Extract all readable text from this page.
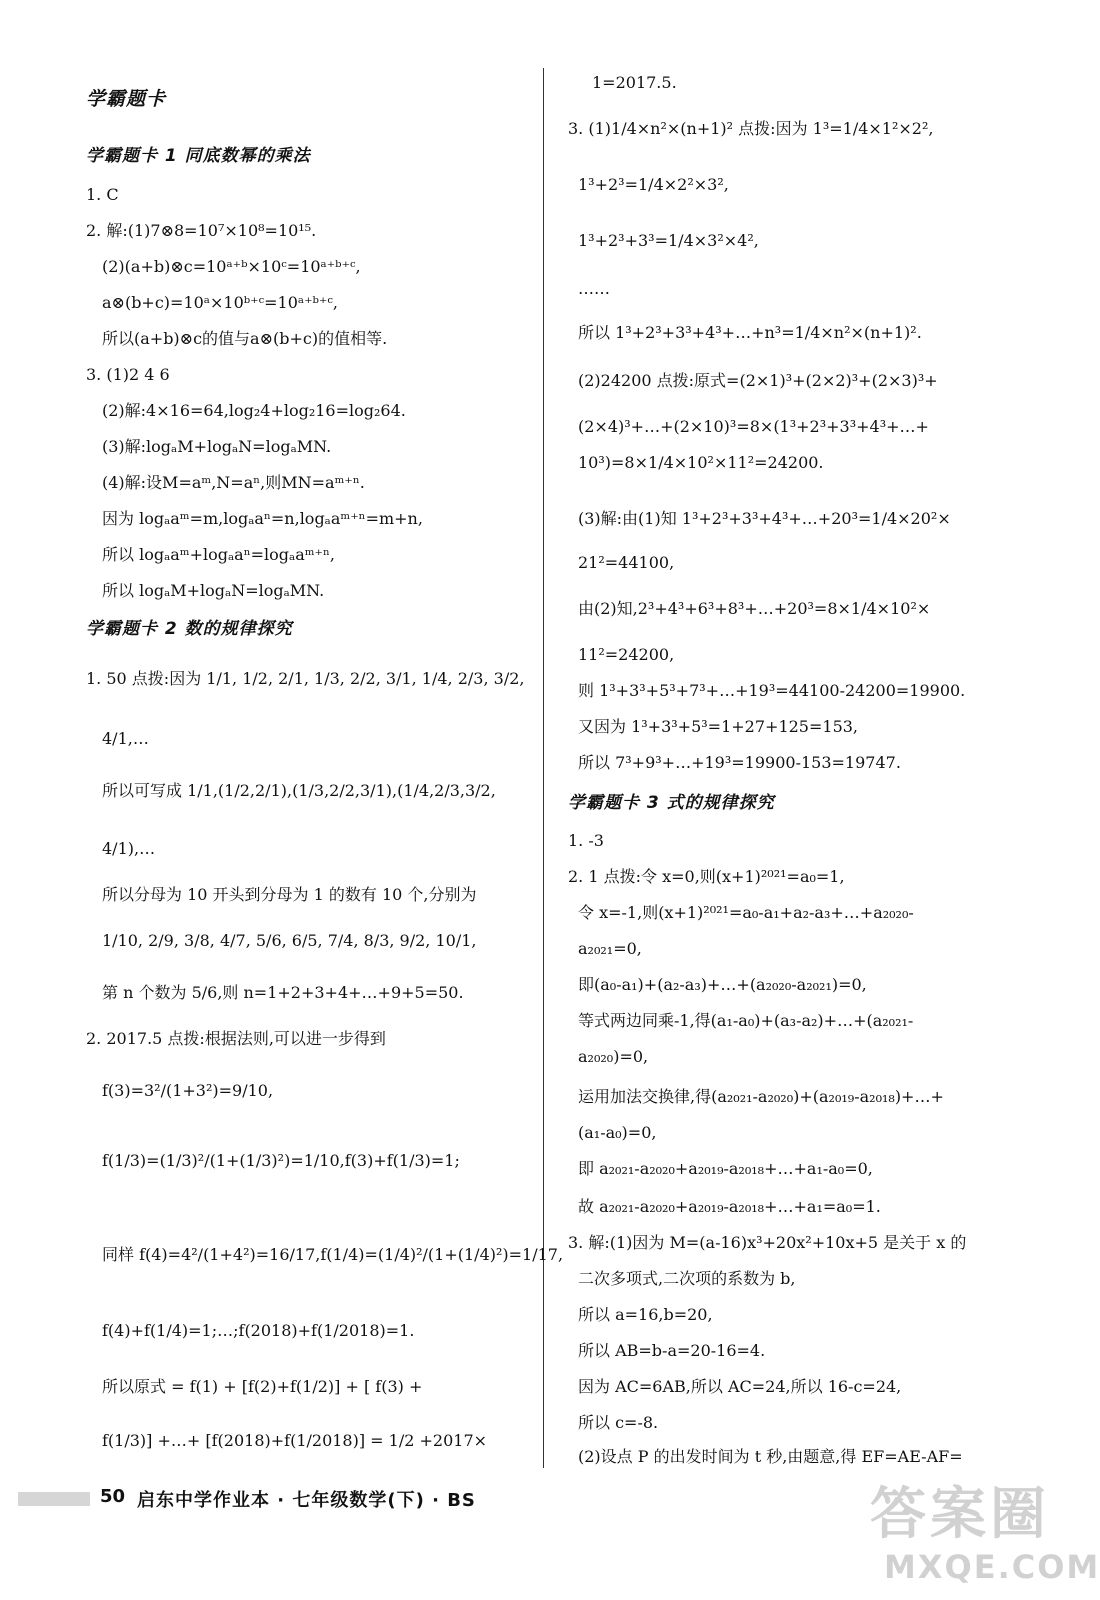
学霸题卡
学霸题卡 1 同底数幂的乘法
1. C
2. 解:(1)7⊗8=10⁷×10⁸=10¹⁵.
(2)(a+b)⊗c=10ᵃ⁺ᵇ×10ᶜ=10ᵃ⁺ᵇ⁺ᶜ,
a⊗(b+c)=10ᵃ×10ᵇ⁺ᶜ=10ᵃ⁺ᵇ⁺ᶜ,
所以(a+b)⊗c的值与a⊗(b+c)的值相等.
3. (1)2 4 6
(2)解:4×16=64,log₂4+log₂16=log₂64.
(3)解:logₐM+logₐN=logₐMN.
(4)解:设M=aᵐ,N=aⁿ,则MN=aᵐ⁺ⁿ.
因为 logₐaᵐ=m,logₐaⁿ=n,logₐaᵐ⁺ⁿ=m+n,
所以 logₐaᵐ+logₐaⁿ=logₐaᵐ⁺ⁿ,
所以 logₐM+logₐN=logₐMN.
学霸题卡 2 数的规律探究
1. 50 点拨:因为 1/1, 1/2, 2/1, 1/3, 2/2, 3/1, 1/4, 2/3, 3/2,
4/1,…
所以可写成 1/1,(1/2,2/1),(1/3,2/2,3/1),(1/4,2/3,3/2,
4/1),…
所以分母为 10 开头到分母为 1 的数有 10 个,分别为
1/10, 2/9, 3/8, 4/7, 5/6, 6/5, 7/4, 8/3, 9/2, 10/1,
第 n 个数为 5/6,则 n=1+2+3+4+…+9+5=50.
2. 2017.5 点拨:根据法则,可以进一步得到
f(3)=3²/(1+3²)=9/10,
f(1/3)=(1/3)²/(1+(1/3)²)=1/10,f(3)+f(1/3)=1;
同样 f(4)=4²/(1+4²)=16/17,f(1/4)=(1/4)²/(1+(1/4)²)=1/17,
f(4)+f(1/4)=1;…;f(2018)+f(1/2018)=1.
所以原式 = f(1) + [f(2)+f(1/2)] + [ f(3) +
f(1/3)] +…+ [f(2018)+f(1/2018)] = 1/2 +2017×
1=2017.5.
3. (1)1/4×n²×(n+1)² 点拨:因为 1³=1/4×1²×2²,
1³+2³=1/4×2²×3²,
1³+2³+3³=1/4×3²×4²,
……
所以 1³+2³+3³+4³+…+n³=1/4×n²×(n+1)².
(2)24200 点拨:原式=(2×1)³+(2×2)³+(2×3)³+
(2×4)³+…+(2×10)³=8×(1³+2³+3³+4³+…+
10³)=8×1/4×10²×11²=24200.
(3)解:由(1)知 1³+2³+3³+4³+…+20³=1/4×20²×
21²=44100,
由(2)知,2³+4³+6³+8³+…+20³=8×1/4×10²×
11²=24200,
则 1³+3³+5³+7³+…+19³=44100-24200=19900.
又因为 1³+3³+5³=1+27+125=153,
所以 7³+9³+…+19³=19900-153=19747.
学霸题卡 3 式的规律探究
1. -3
2. 1 点拨:令 x=0,则(x+1)²⁰²¹=a₀=1,
令 x=-1,则(x+1)²⁰²¹=a₀-a₁+a₂-a₃+…+a₂₀₂₀-
a₂₀₂₁=0,
即(a₀-a₁)+(a₂-a₃)+…+(a₂₀₂₀-a₂₀₂₁)=0,
等式两边同乘-1,得(a₁-a₀)+(a₃-a₂)+…+(a₂₀₂₁-
a₂₀₂₀)=0,
运用加法交换律,得(a₂₀₂₁-a₂₀₂₀)+(a₂₀₁₉-a₂₀₁₈)+…+
(a₁-a₀)=0,
即 a₂₀₂₁-a₂₀₂₀+a₂₀₁₉-a₂₀₁₈+…+a₁-a₀=0,
故 a₂₀₂₁-a₂₀₂₀+a₂₀₁₉-a₂₀₁₈+…+a₁=a₀=1.
3. 解:(1)因为 M=(a-16)x³+20x²+10x+5 是关于 x 的
二次多项式,二次项的系数为 b,
所以 a=16,b=20,
所以 AB=b-a=20-16=4.
因为 AC=6AB,所以 AC=24,所以 16-c=24,
所以 c=-8.
(2)设点 P 的出发时间为 t 秒,由题意,得 EF=AE-AF=
50 启东中学作业本 · 七年级数学(下) · BS	答案圈
MXQE.COM
